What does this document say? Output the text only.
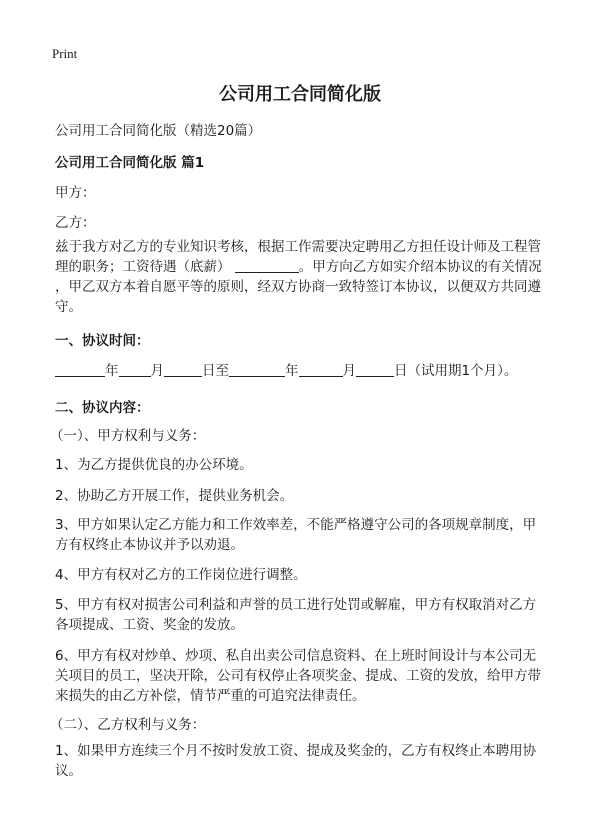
Print
公司用工合同简化版
公司用工合同简化版（精选20篇）
公司用工合同简化版 篇1
甲方：
乙方：
兹于我方对乙方的专业知识考核，根据工作需要决定聘用乙方担任设计师及工程管
理的职务；工资待遇（底薪）	。甲方向乙方如实介绍本协议的有关情况
，甲乙双方本着自愿平等的原则，经双方协商一致特签订本协议，以便双方共同遵
守。
一、协议时间：
年 月	日至	年	月	日（试用期1个月）。
二、协议内容：
（一）、甲方权利与义务：
1、为乙方提供优良的办公环境。
2、协助乙方开展工作，提供业务机会。
3、甲方如果认定乙方能力和工作效率差，不能严格遵守公司的各项规章制度，甲
方有权终止本协议并予以劝退。
4、甲方有权对乙方的工作岗位进行调整。
5、甲方有权对损害公司利益和声誉的员工进行处罚或解雇，甲方有权取消对乙方
各项提成、工资、奖金的发放。
6、甲方有权对炒单、炒项、私自出卖公司信息资料、在上班时间设计与本公司无
关项目的员工，坚决开除，公司有权停止各项奖金、提成、工资的发放，给甲方带
来损失的由乙方补偿，情节严重的可追究法律责任。
（二）、乙方权利与义务：
1、如果甲方连续三个月不按时发放工资、提成及奖金的，乙方有权终止本聘用协
议。
